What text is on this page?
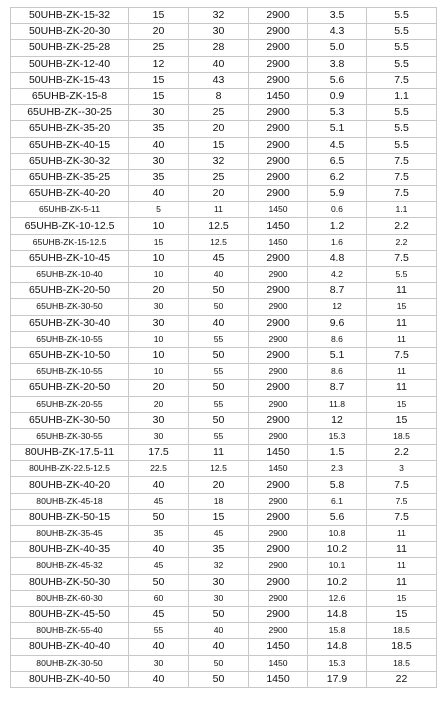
50UHB-ZK-15-32	15	32	2900	3.5	5.5
50UHB-ZK-20-30	20	30	2900	4.3	5.5
50UHB-ZK-25-28	25	28	2900	5.0	5.5
50UHB-ZK-12-40	12	40	2900	3.8	5.5
50UHB-ZK-15-43	15	43	2900	5.6	7.5
65UHB-ZK-15-8	15	8	1450	0.9	1.1
65UHB-ZK--30-25	30	25	2900	5.3	5.5
65UHB-ZK-35-20	35	20	2900	5.1	5.5
65UHB-ZK-40-15	40	15	2900	4.5	5.5
65UHB-ZK-30-32	30	32	2900	6.5	7.5
65UHB-ZK-35-25	35	25	2900	6.2	7.5
65UHB-ZK-40-20	40	20	2900	5.9	7.5
65UHB-ZK-5-11	5	11	1450	0.6	1.1
65UHB-ZK-10-12.5	10	12.5	1450	1.2	2.2
65UHB-ZK-15-12.5	15	12.5	1450	1.6	2.2
65UHB-ZK-10-45	10	45	2900	4.8	7.5
65UHB-ZK-10-40	10	40	2900	4.2	5.5
65UHB-ZK-20-50	20	50	2900	8.7	11
65UHB-ZK-30-50	30	50	2900	12	15
65UHB-ZK-30-40	30	40	2900	9.6	11
65UHB-ZK-10-55	10	55	2900	8.6	11
65UHB-ZK-10-50	10	50	2900	5.1	7.5
65UHB-ZK-10-55	10	55	2900	8.6	11
65UHB-ZK-20-50	20	50	2900	8.7	11
65UHB-ZK-20-55	20	55	2900	11.8	15
65UHB-ZK-30-50	30	50	2900	12	15
65UHB-ZK-30-55	30	55	2900	15.3	18.5
80UHB-ZK-17.5-11	17.5	11	1450	1.5	2.2
80UHB-ZK-22.5-12.5	22.5	12.5	1450	2.3	3
80UHB-ZK-40-20	40	20	2900	5.8	7.5
80UHB-ZK-45-18	45	18	2900	6.1	7.5
80UHB-ZK-50-15	50	15	2900	5.6	7.5
80UHB-ZK-35-45	35	45	2900	10.8	11
80UHB-ZK-40-35	40	35	2900	10.2	11
80UHB-ZK-45-32	45	32	2900	10.1	11
80UHB-ZK-50-30	50	30	2900	10.2	11
80UHB-ZK-60-30	60	30	2900	12.6	15
80UHB-ZK-45-50	45	50	2900	14.8	15
80UHB-ZK-55-40	55	40	2900	15.8	18.5
80UHB-ZK-40-40	40	40	1450	14.8	18.5
80UHB-ZK-30-50	30	50	1450	15.3	18.5
80UHB-ZK-40-50	40	50	1450	17.9	22
